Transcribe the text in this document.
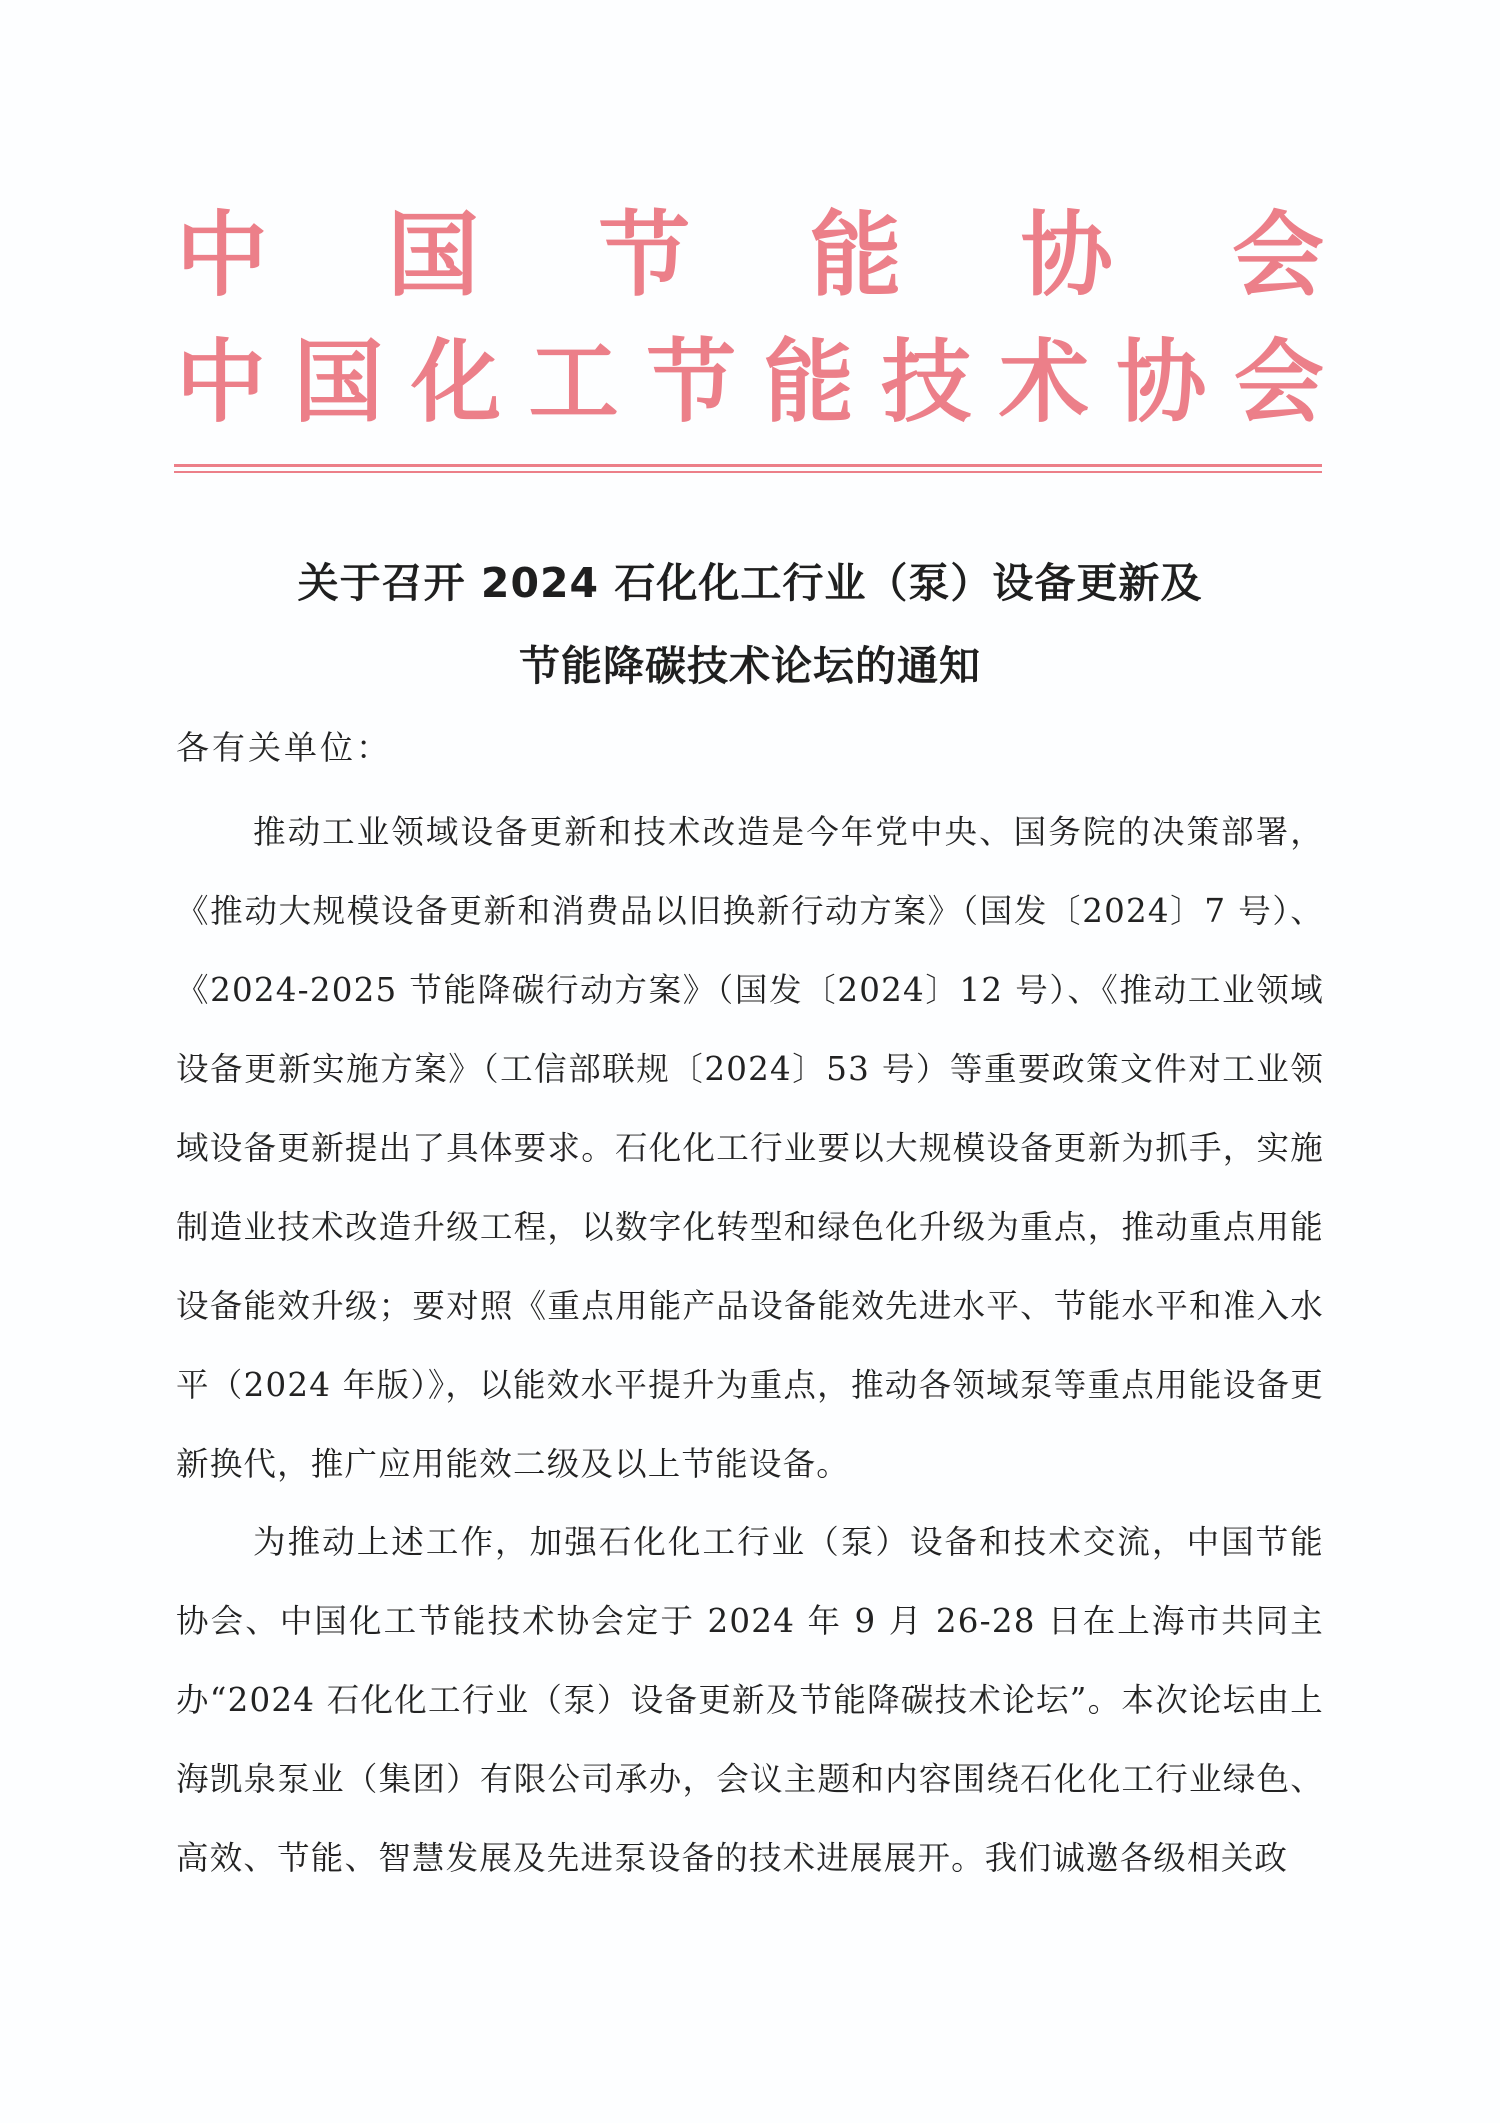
中 国 节 能 协 会
中 国 化 工 节 能 技 术 协 会
关于召开 2024 石化化工行业（泵）设备更新及
节能降碳技术论坛的通知

各有关单位：

推动工业领域设备更新和技术改造是今年党中央、国务院的决策部署，《推动大规模设备更新和消费品以旧换新行动方案》（国发〔2024〕7 号）、《2024-2025 节能降碳行动方案》（国发〔2024〕12 号）、《推动工业领域设备更新实施方案》（工信部联规〔2024〕53 号）等重要政策文件对工业领域设备更新提出了具体要求。石化化工行业要以大规模设备更新为抓手，实施制造业技术改造升级工程，以数字化转型和绿色化升级为重点，推动重点用能设备能效升级；要对照《重点用能产品设备能效先进水平、节能水平和准入水平（2024 年版）》，以能效水平提升为重点，推动各领域泵等重点用能设备更新换代，推广应用能效二级及以上节能设备。

为推动上述工作，加强石化化工行业（泵）设备和技术交流，中国节能协会、中国化工节能技术协会定于 2024 年 9 月 26-28 日在上海市共同主办“2024 石化化工行业（泵）设备更新及节能降碳技术论坛”。本次论坛由上海凯泉泵业（集团）有限公司承办，会议主题和内容围绕石化化工行业绿色、高效、节能、智慧发展及先进泵设备的技术进展展开。我们诚邀各级相关政
